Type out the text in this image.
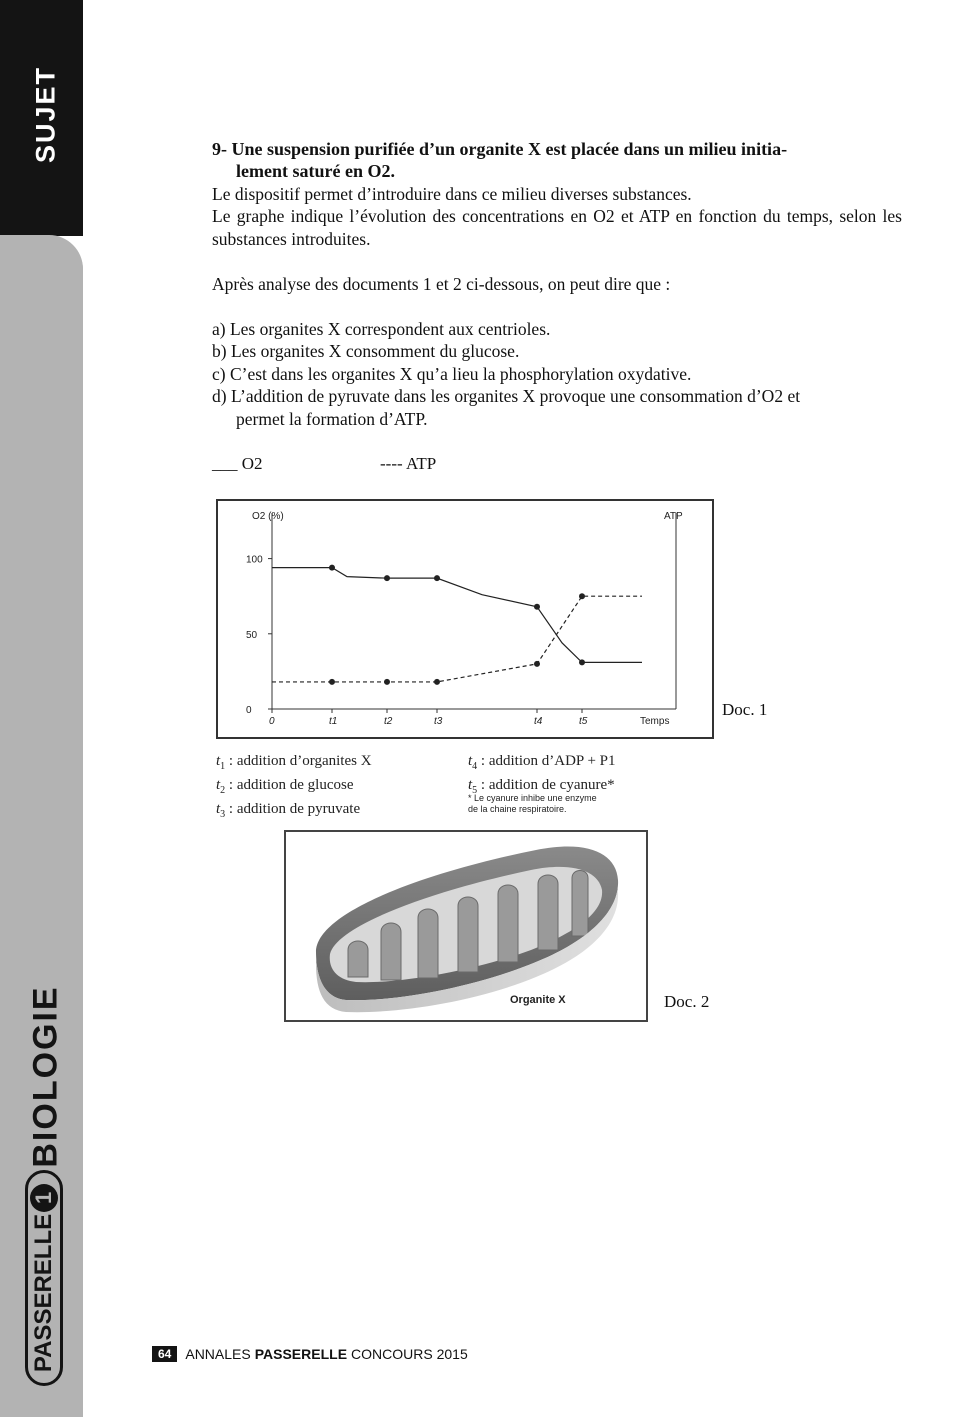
SUJET
BIOLOGIE
PASSERELLE
1
9- Une suspension purifiée d’un organite X est placée dans un milieu initia-
lement saturé en O2.
Le dispositif permet d’introduire dans ce milieu diverses substances.
Le graphe indique l’évolution des concentrations en O2 et ATP en fonction du temps, selon les substances introduites.
Après analyse des documents 1 et 2 ci-dessous, on peut dire que :
a) Les organites X correspondent aux centrioles.
b) Les organites X consomment du glucose.
c) C’est dans les organites X qu’a lieu la phosphorylation oxydative.
d) L’addition de pyruvate dans les organites X provoque une consommation d’O2 et
permet la formation d’ATP.
___ O2	---- ATP
O2 (%)	ATP
Temps
0
50
100
0	t1	t2	t3	t4	t5
Doc. 1
$t_1$ : addition d’organites X
$t_2$ : addition de glucose
$t_3$ : addition de pyruvate
$t_4$ : addition d’ADP + P1
$t_5$ : addition de cyanure*
* Le cyanure inhibe une enzyme
de la chaine respiratoire.
Organite X	Doc. 2
64	ANNALES PASSERELLE CONCOURS 2015
